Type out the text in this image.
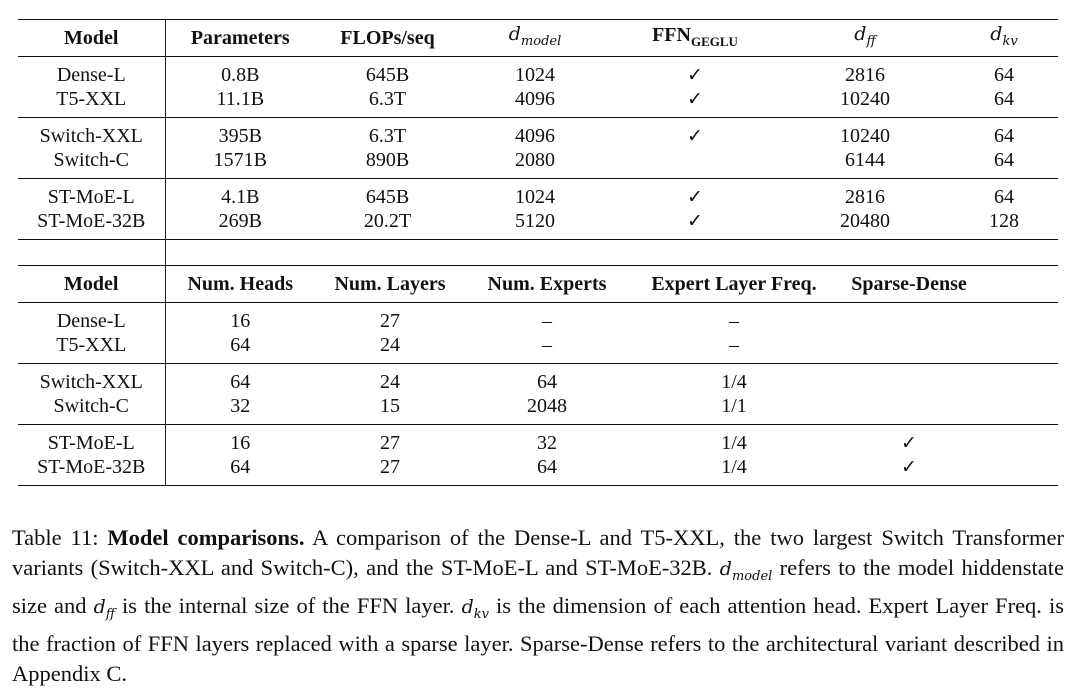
Model	Parameters	FLOPs/seq	$d_{model}$	$FFN_{GEGLU}$	$d_{ff}$	$d_{kv}$
Dense-L	0.8B	645B	1024	✓	2816	64
T5-XXL	11.1B	6.3T	4096	✓	10240	64
Switch-XXL	395B	6.3T	4096	✓	10240	64
Switch-C	1571B	890B	2080		6144	64
ST-MoE-L	4.1B	645B	1024	✓	2816	64
ST-MoE-32B	269B	20.2T	5120	✓	20480	128
Model	Num. Heads	Num. Layers	Num. Experts	Expert Layer Freq.	Sparse-Dense	
Dense-L	16	27	–	–		
T5-XXL	64	24	–	–		
Switch-XXL	64	24	64	1/4		
Switch-C	32	15	2048	1/1		
ST-MoE-L	16	27	32	1/4	✓	
ST-MoE-32B	64	27	64	1/4	✓	
Table 11: Model comparisons. A comparison of the Dense-L and T5-XXL, the two largest Switch Transformer variants (Switch-XXL and Switch-C), and the ST-MoE-L and ST-MoE-32B. $d_{model}$ refers to the model hiddenstate size and $d_{ff}$ is the internal size of the FFN layer. $d_{kv}$ is the dimension of each attention head. Expert Layer Freq. is the fraction of FFN layers replaced with a sparse layer. Sparse-Dense refers to the architectural variant described in Appendix C.
